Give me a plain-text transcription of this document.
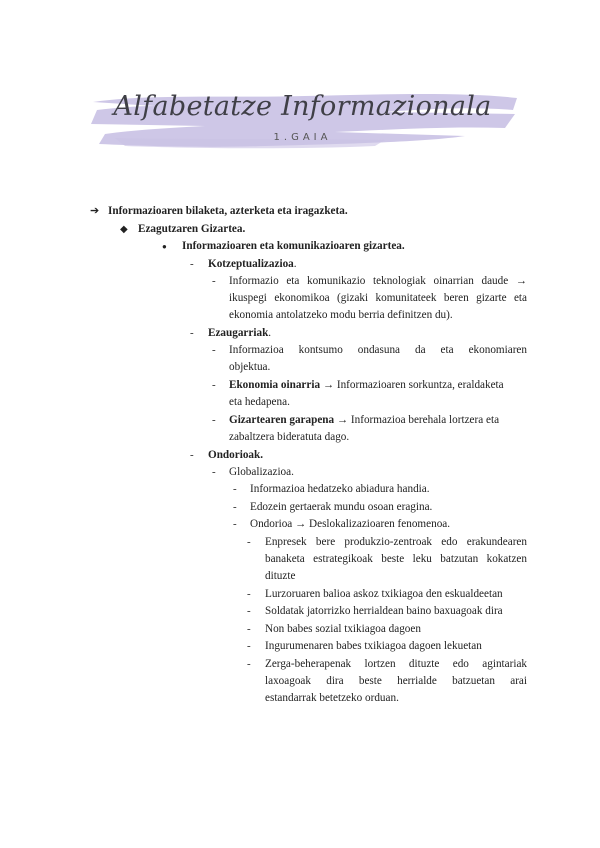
Alfabetatze Informazionala
1.GAIA
➔ Informazioaren bilaketa, azterketa eta iragazketa.
◆ Ezagutzaren Gizartea.
● Informazioaren eta komunikazioaren gizartea.
- Kotzeptualizazioa.
- Informazio eta komunikazio teknologiak oinarrian daude →
ikuspegi ekonomikoa (gizaki komunitateek beren gizarte eta
ekonomia antolatzeko modu berria definitzen du).
- Ezaugarriak.
- Informazioa kontsumo ondasuna da eta ekonomiaren
objektua.
- Ekonomia oinarria → Informazioaren sorkuntza, eraldaketa
eta hedapena.
- Gizartearen garapena → Informazioa berehala lortzera eta
zabaltzera bideratuta dago.
- Ondorioak.
- Globalizazioa.
- Informazioa hedatzeko abiadura handia.
- Edozein gertaerak mundu osoan eragina.
- Ondorioa → Deslokalizazioaren fenomenoa.
- Enpresek bere produkzio-zentroak edo erakundearen
banaketa estrategikoak beste leku batzutan kokatzen
dituzte
- Lurzoruaren balioa askoz txikiagoa den eskualdeetan
- Soldatak jatorrizko herrialdean baino baxuagoak dira
- Non babes sozial txikiagoa dagoen
- Ingurumenaren babes txikiagoa dagoen lekuetan
- Zerga-beherapenak lortzen dituzte edo agintariak
laxoagoak dira beste herrialde batzuetan arai
estandarrak betetzeko orduan.
